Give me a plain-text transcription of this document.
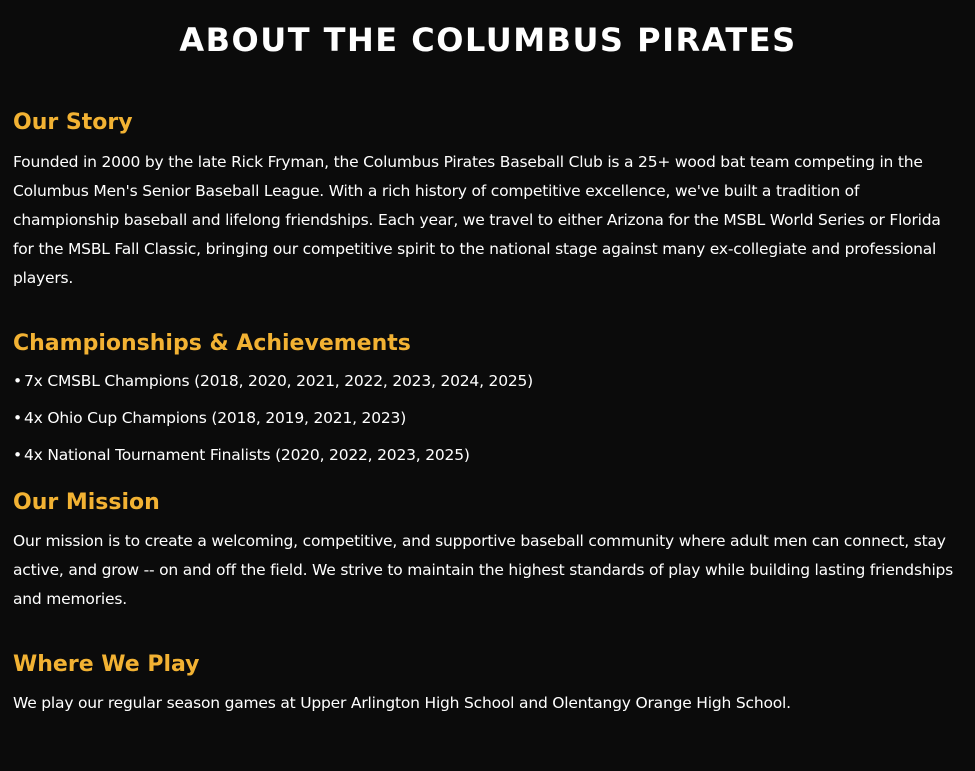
ABOUT THE COLUMBUS PIRATES
Our Story

Founded in 2000 by the late Rick Fryman, the Columbus Pirates Baseball Club is a 25+ wood bat team competing in the Columbus Men's Senior Baseball League. With a rich history of competitive excellence, we've built a tradition of championship baseball and lifelong friendships. Each year, we travel to either Arizona for the MSBL World Series or Florida for the MSBL Fall Classic, bringing our competitive spirit to the national stage against many ex-collegiate and professional players.

Championships & Achievements
• 7x CMSBL Champions (2018, 2020, 2021, 2022, 2023, 2024, 2025)
• 4x Ohio Cup Champions (2018, 2019, 2021, 2023)
• 4x National Tournament Finalists (2020, 2022, 2023, 2025)
Our Mission

Our mission is to create a welcoming, competitive, and supportive baseball community where adult men can connect, stay active, and grow -- on and off the field. We strive to maintain the highest standards of play while building lasting friendships and memories.

Where We Play

We play our regular season games at Upper Arlington High School and Olentangy Orange High School.
